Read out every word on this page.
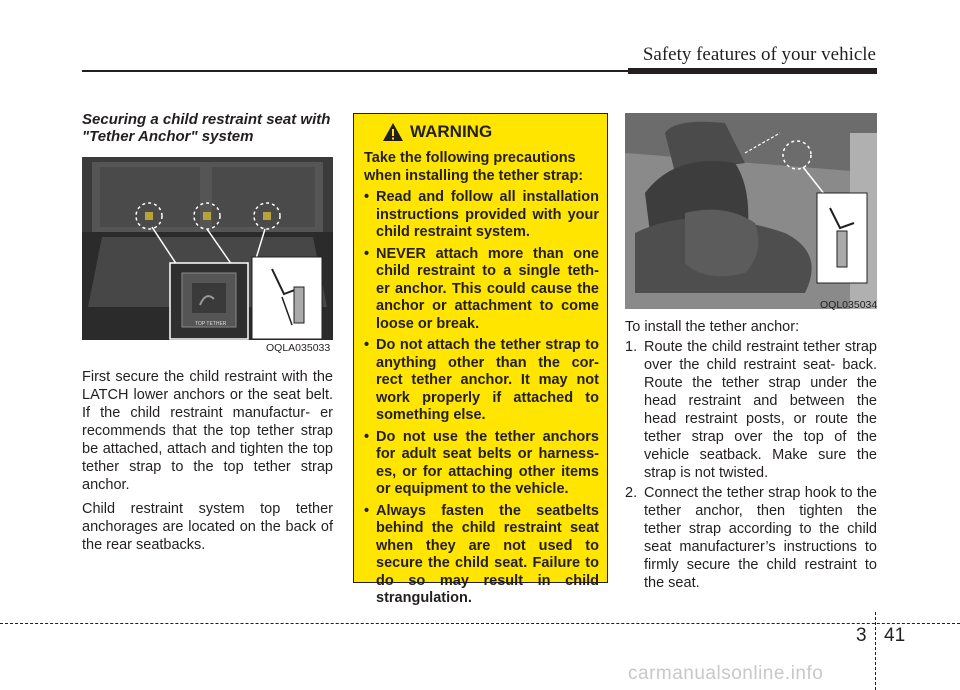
Safety features of your vehicle
Securing a child restraint seat with "Tether Anchor" system
TOP TETHER
OQLA035033

First secure the child restraint with the LATCH lower anchors or the seat belt. If the child restraint manufactur- er recommends that the top tether strap be attached, attach and tighten the top tether strap to the top tether strap anchor.

Child restraint system top tether anchorages are located on the back of the rear seatbacks.

WARNING
Take the following precautions when installing the tether strap:
• Read and follow all installation instructions provided with your child restraint system.
• NEVER attach more than one child restraint to a single teth- er anchor. This could cause the anchor or attachment to come loose or break.
• Do not attach the tether strap to anything other than the cor- rect tether anchor. It may not work properly if attached to something else.
• Do not use the tether anchors for adult seat belts or harness- es, or for attaching other items or equipment to the vehicle.
• Always fasten the seatbelts behind the child restraint seat when they are not used to secure the child seat. Failure to do so may result in child strangulation.
OQL035034
To install the tether anchor:
1. Route the child restraint tether strap over the child restraint seat- back. Route the tether strap under the head restraint and between the head restraint posts, or route the tether strap over the top of the vehicle seatback. Make sure the strap is not twisted.
2. Connect the tether strap hook to the tether anchor, then tighten the tether strap according to the child seat manufacturer’s instructions to firmly secure the child restraint to the seat.
3 41
carmanualsonline.info
